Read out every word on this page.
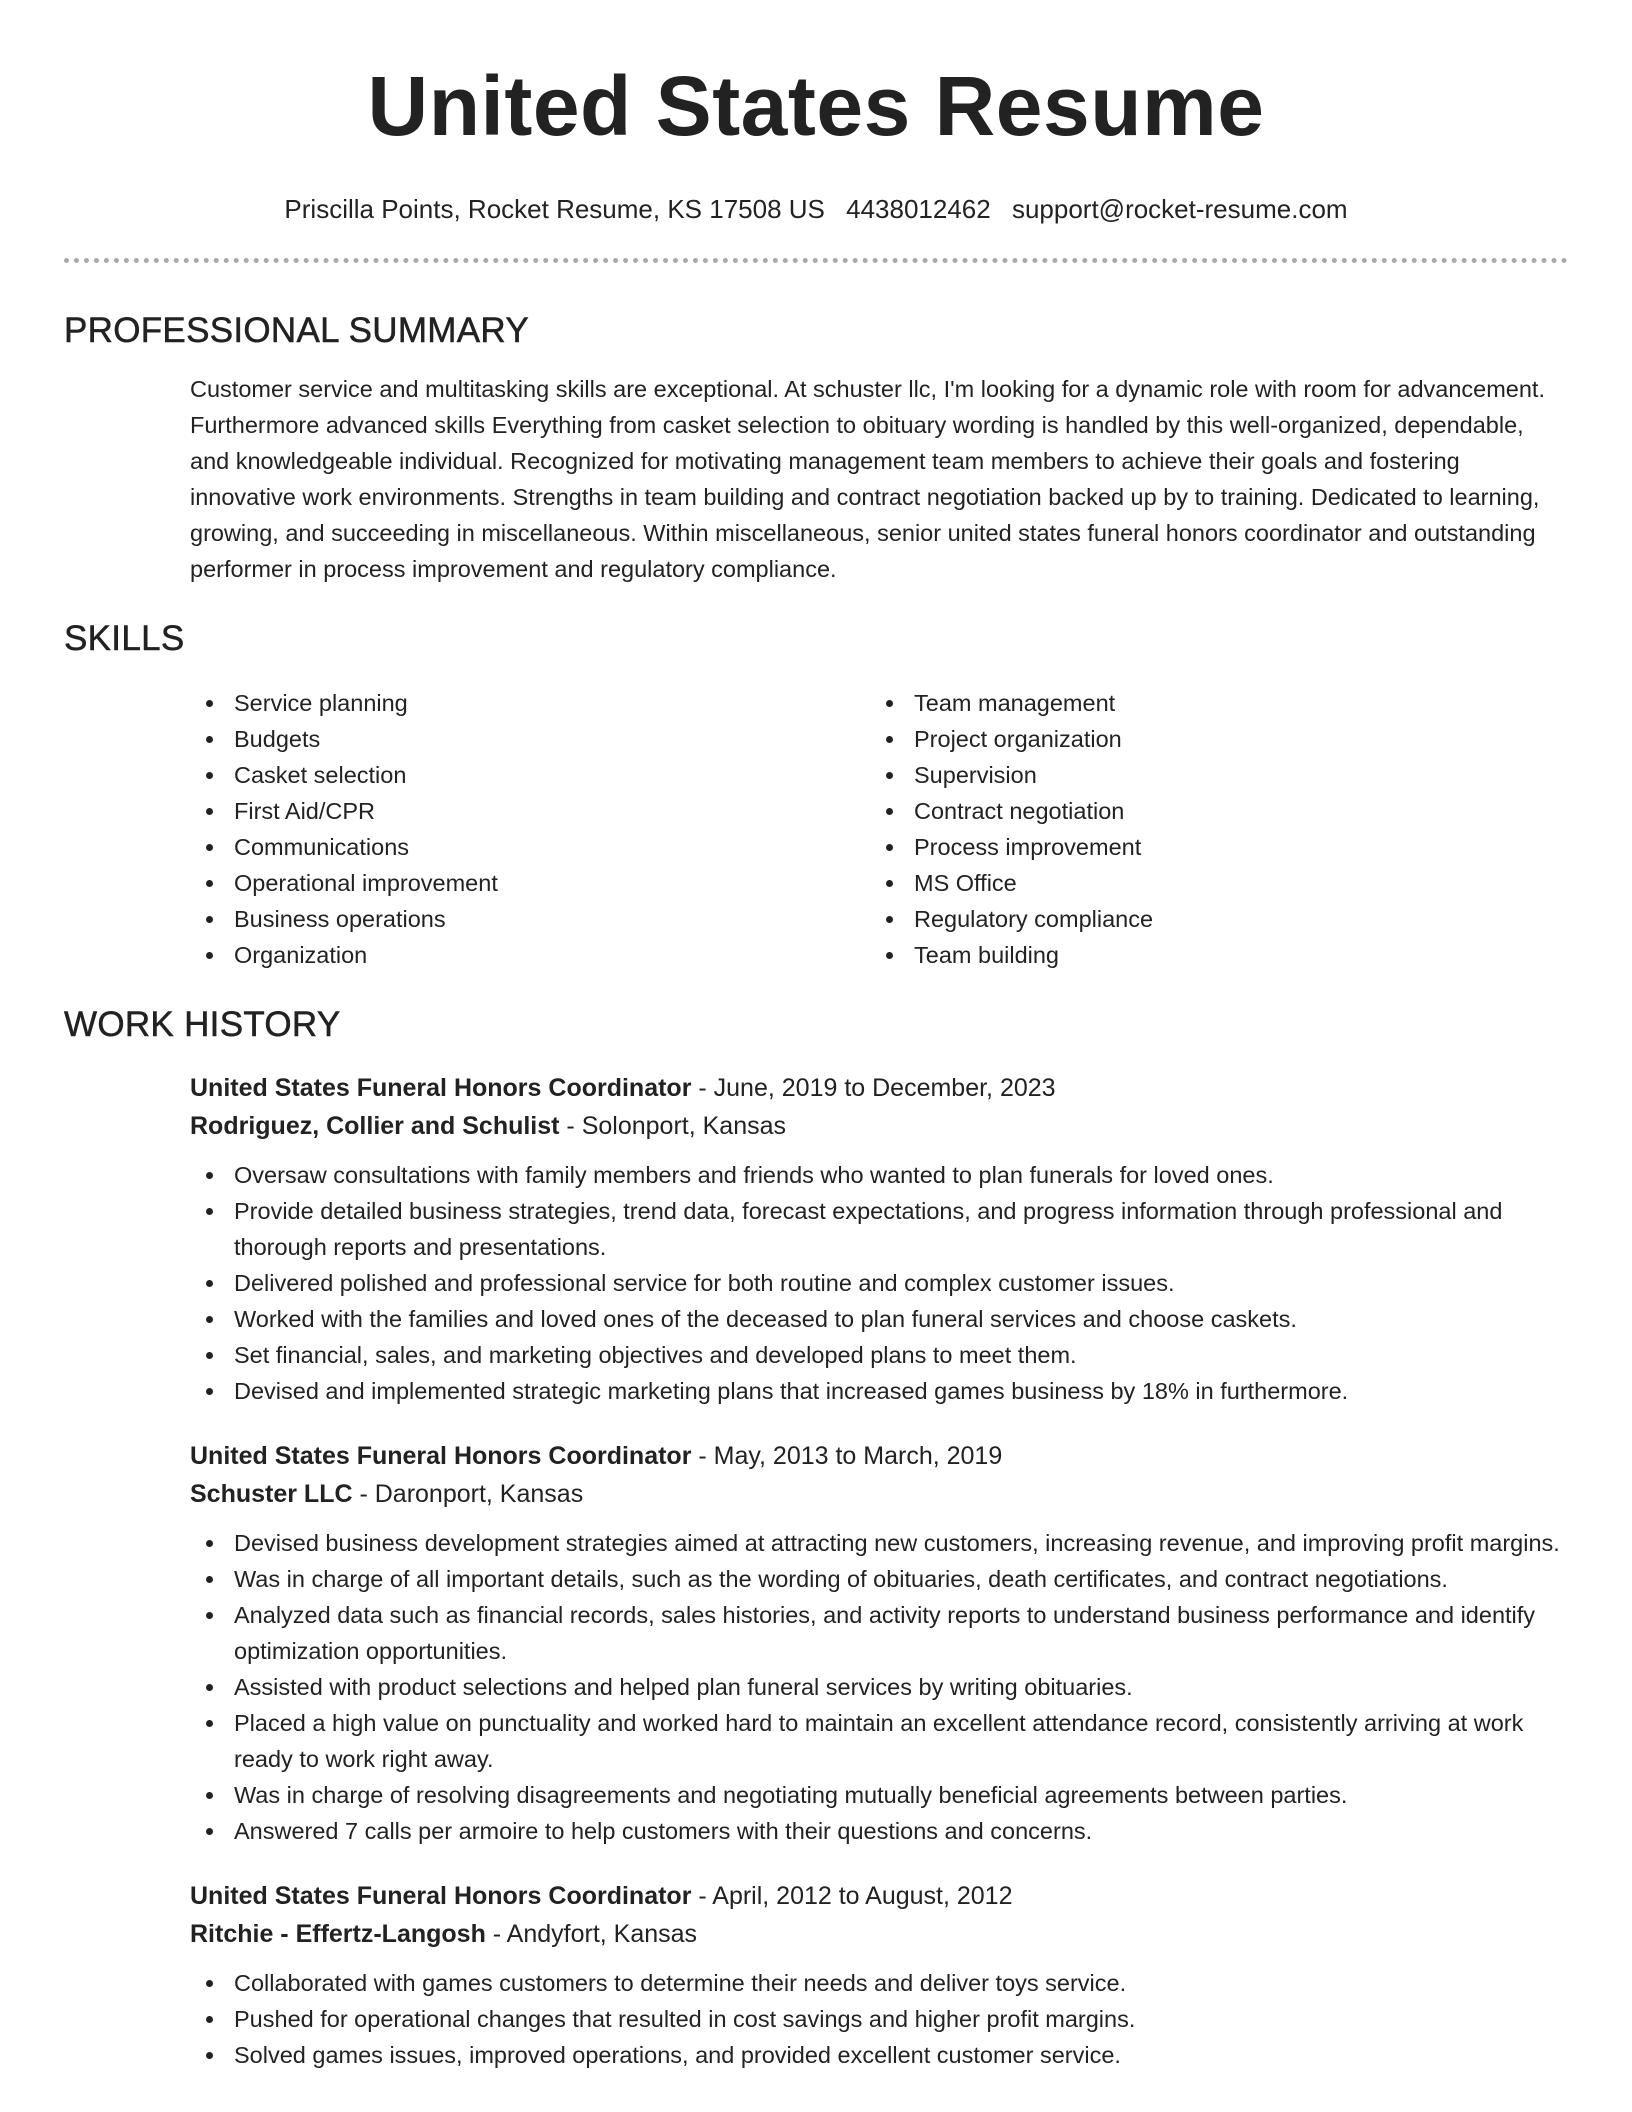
United States Resume
Priscilla Points, Rocket Resume, KS 17508 US 4438012462 support@rocket-resume.com
PROFESSIONAL SUMMARY

Customer service and multitasking skills are exceptional. At schuster llc, I'm looking for a dynamic role with room for advancement. Furthermore advanced skills Everything from casket selection to obituary wording is handled by this well-organized, dependable, and knowledgeable individual. Recognized for motivating management team members to achieve their goals and fostering innovative work environments. Strengths in team building and contract negotiation backed up by to training. Dedicated to learning, growing, and succeeding in miscellaneous. Within miscellaneous, senior united states funeral honors coordinator and outstanding performer in process improvement and regulatory compliance.

SKILLS
Service planning
Budgets
Casket selection
First Aid/CPR
Communications
Operational improvement
Business operations
Organization
Team management
Project organization
Supervision
Contract negotiation
Process improvement
MS Office
Regulatory compliance
Team building
WORK HISTORY
United States Funeral Honors Coordinator - June, 2019 to December, 2023
Rodriguez, Collier and Schulist - Solonport, Kansas
Oversaw consultations with family members and friends who wanted to plan funerals for loved ones.
Provide detailed business strategies, trend data, forecast expectations, and progress information through professional and thorough reports and presentations.
Delivered polished and professional service for both routine and complex customer issues.
Worked with the families and loved ones of the deceased to plan funeral services and choose caskets.
Set financial, sales, and marketing objectives and developed plans to meet them.
Devised and implemented strategic marketing plans that increased games business by 18% in furthermore.
United States Funeral Honors Coordinator - May, 2013 to March, 2019
Schuster LLC - Daronport, Kansas
Devised business development strategies aimed at attracting new customers, increasing revenue, and improving profit margins.
Was in charge of all important details, such as the wording of obituaries, death certificates, and contract negotiations.
Analyzed data such as financial records, sales histories, and activity reports to understand business performance and identify optimization opportunities.
Assisted with product selections and helped plan funeral services by writing obituaries.
Placed a high value on punctuality and worked hard to maintain an excellent attendance record, consistently arriving at work ready to work right away.
Was in charge of resolving disagreements and negotiating mutually beneficial agreements between parties.
Answered 7 calls per armoire to help customers with their questions and concerns.
United States Funeral Honors Coordinator - April, 2012 to August, 2012
Ritchie - Effertz-Langosh - Andyfort, Kansas
Collaborated with games customers to determine their needs and deliver toys service.
Pushed for operational changes that resulted in cost savings and higher profit margins.
Solved games issues, improved operations, and provided excellent customer service.
